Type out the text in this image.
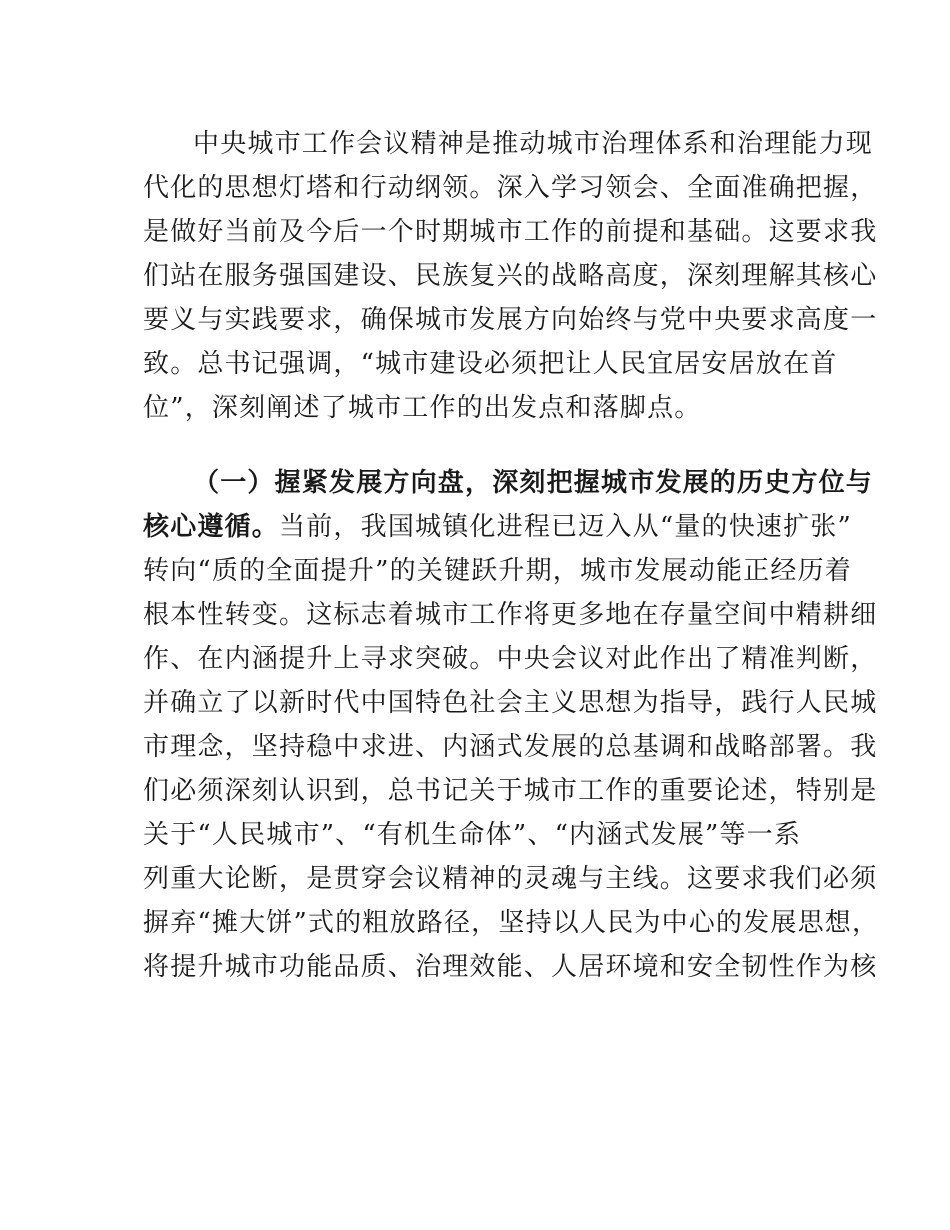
中央城市工作会议精神是推动城市治理体系和治理能力现
代化的思想灯塔和行动纲领。深入学习领会、全面准确把握，
是做好当前及今后一个时期城市工作的前提和基础。这要求我
们站在服务强国建设、民族复兴的战略高度，深刻理解其核心
要义与实践要求，确保城市发展方向始终与党中央要求高度一
致。总书记强调，“城市建设必须把让人民宜居安居放在首
位”，深刻阐述了城市工作的出发点和落脚点。
（一）握紧发展方向盘，深刻把握城市发展的历史方位与
核心遵循。当前，我国城镇化进程已迈入从“量的快速扩张”
转向“质的全面提升”的关键跃升期，城市发展动能正经历着
根本性转变。这标志着城市工作将更多地在存量空间中精耕细
作、在内涵提升上寻求突破。中央会议对此作出了精准判断，
并确立了以新时代中国特色社会主义思想为指导，践行人民城
市理念，坚持稳中求进、内涵式发展的总基调和战略部署。我
们必须深刻认识到，总书记关于城市工作的重要论述，特别是
关于“人民城市”、“有机生命体”、“内涵式发展”等一系
列重大论断，是贯穿会议精神的灵魂与主线。这要求我们必须
摒弃“摊大饼”式的粗放路径，坚持以人民为中心的发展思想，
将提升城市功能品质、治理效能、人居环境和安全韧性作为核
